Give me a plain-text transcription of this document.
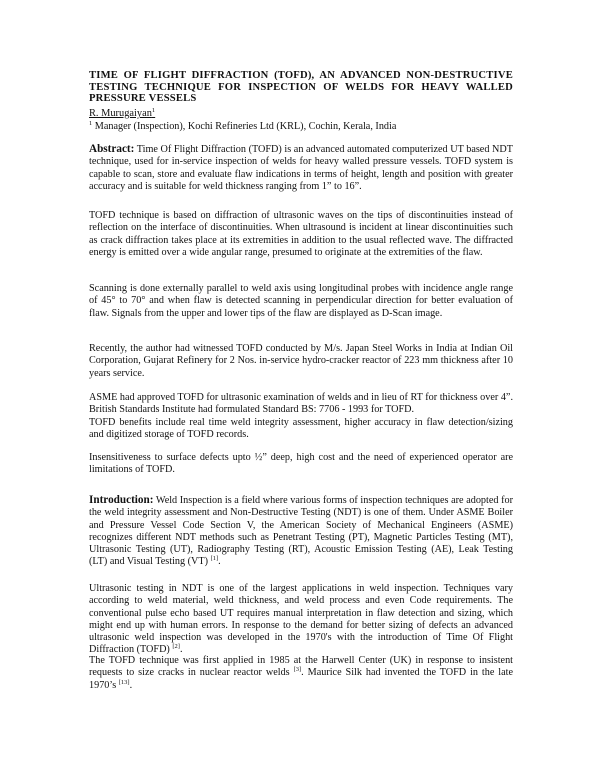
TIME OF FLIGHT DIFFRACTION (TOFD), AN ADVANCED NON-DESTRUCTIVE TESTING TECHNIQUE FOR INSPECTION OF WELDS FOR HEAVY WALLED PRESSURE VESSELS
R. Murugaiyan$^1$
$^1$ Manager (Inspection), Kochi Refineries Ltd (KRL), Cochin, Kerala, India

Abstract: Time Of Flight Diffraction (TOFD) is an advanced automated computerized UT based NDT technique, used for in-service inspection of welds for heavy walled pressure vessels. TOFD system is capable to scan, store and evaluate flaw indications in terms of height, length and position with greater accuracy and is suitable for weld thickness ranging from 1” to 16”.

TOFD technique is based on diffraction of ultrasonic waves on the tips of discontinuities instead of reflection on the interface of discontinuities. When ultrasound is incident at linear discontinuities such as crack diffraction takes place at its extremities in addition to the usual reflected wave. The diffracted energy is emitted over a wide angular range, presumed to originate at the extremities of the flaw.

Scanning is done externally parallel to weld axis using longitudinal probes with incidence angle range of 45° to 70° and when flaw is detected scanning in perpendicular direction for better evaluation of flaw. Signals from the upper and lower tips of the flaw are displayed as D-Scan image.

Recently, the author had witnessed TOFD conducted by M/s. Japan Steel Works in India at Indian Oil Corporation, Gujarat Refinery for 2 Nos. in-service hydro-cracker reactor of 223 mm thickness after 10 years service.

ASME had approved TOFD for ultrasonic examination of welds and in lieu of RT for thickness over 4”. British Standards Institute had formulated Standard BS: 7706 - 1993 for TOFD.

TOFD benefits include real time weld integrity assessment, higher accuracy in flaw detection/sizing and digitized storage of TOFD records.

Insensitiveness to surface defects upto ½” deep, high cost and the need of experienced operator are limitations of TOFD.

Introduction: Weld Inspection is a field where various forms of inspection techniques are adopted for the weld integrity assessment and Non-Destructive Testing (NDT) is one of them. Under ASME Boiler and Pressure Vessel Code Section V, the American Society of Mechanical Engineers (ASME) recognizes different NDT methods such as Penetrant Testing (PT), Magnetic Particles Testing (MT), Ultrasonic Testing (UT), Radiography Testing (RT), Acoustic Emission Testing (AE), Leak Testing (LT) and Visual Testing (VT) [1].

Ultrasonic testing in NDT is one of the largest applications in weld inspection. Techniques vary according to weld material, weld thickness, and weld process and even Code requirements. The conventional pulse echo based UT requires manual interpretation in flaw detection and sizing, which might end up with human errors. In response to the demand for better sizing of defects an advanced ultrasonic weld inspection was developed in the 1970's with the introduction of Time Of Flight Diffraction (TOFD) [2].

The TOFD technique was first applied in 1985 at the Harwell Center (UK) in response to insistent requests to size cracks in nuclear reactor welds [3]. Maurice Silk had invented the TOFD in the late 1970’s [13].
